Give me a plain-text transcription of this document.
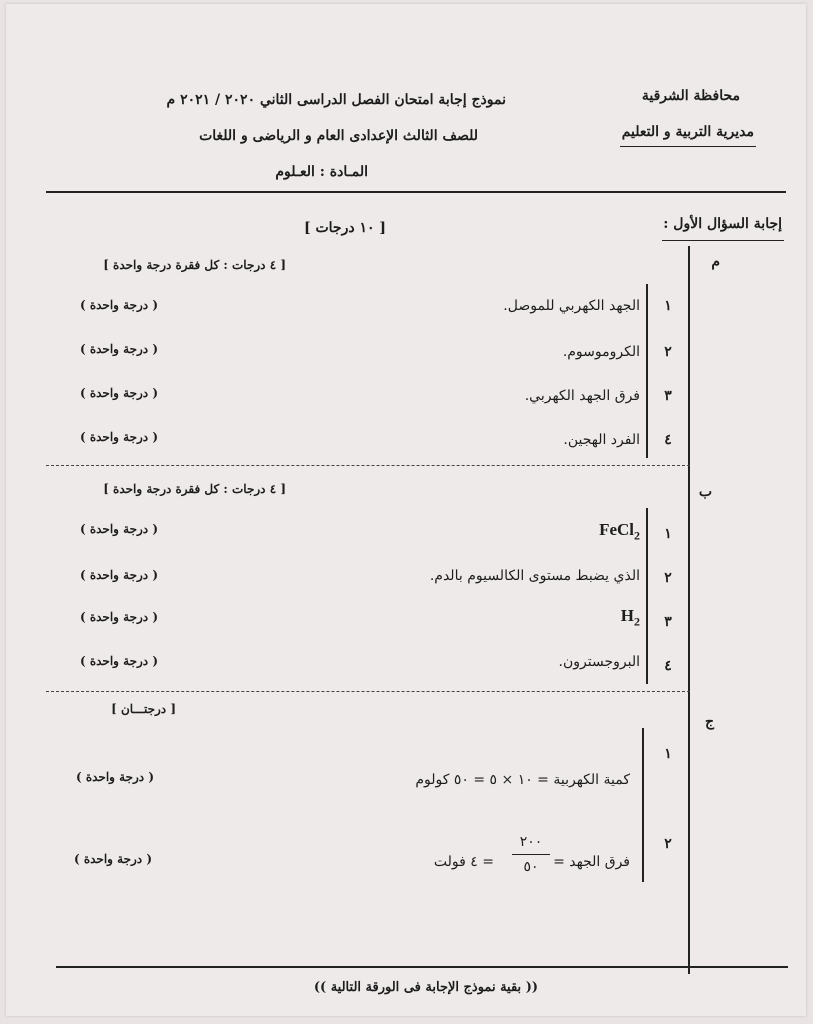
محافظة الشرقية
مديرية التربية و التعليم
نموذج إجابة امتحان الفصل الدراسى الثاني ٢٠٢٠ / ٢٠٢١ م
للصف الثالث الإعدادى العام و الرياضى و اللغات
المـادة : العـلوم
إجابة السؤال الأول :
[ ١٠ درجات ]
م
[ ٤ درجات : كل فقرة درجة واحدة ]
١
الجهد الكهربي للموصل.
( درجة واحدة )
٢
الكروموسوم.
( درجة واحدة )
٣
فرق الجهد الكهربي.
( درجة واحدة )
٤
الفرد الهجين.
( درجة واحدة )
ب
[ ٤ درجات : كل فقرة درجة واحدة ]
١
FeCl$_2$
( درجة واحدة )
٢
الذي يضبط مستوى الكالسيوم بالدم.
( درجة واحدة )
٣
$H_2$
( درجة واحدة )
٤
البروجسترون.
( درجة واحدة )
ج
[ درجتـــان ]
١
كمية الكهربية = ١٠ × ٥ = ٥٠ كولوم
( درجة واحدة )
٢
فرق الجهد =
٢٠٠
٥٠
= ٤ فولت
( درجة واحدة )
(( بقية نموذج الإجابة فى الورقة التالية ))
